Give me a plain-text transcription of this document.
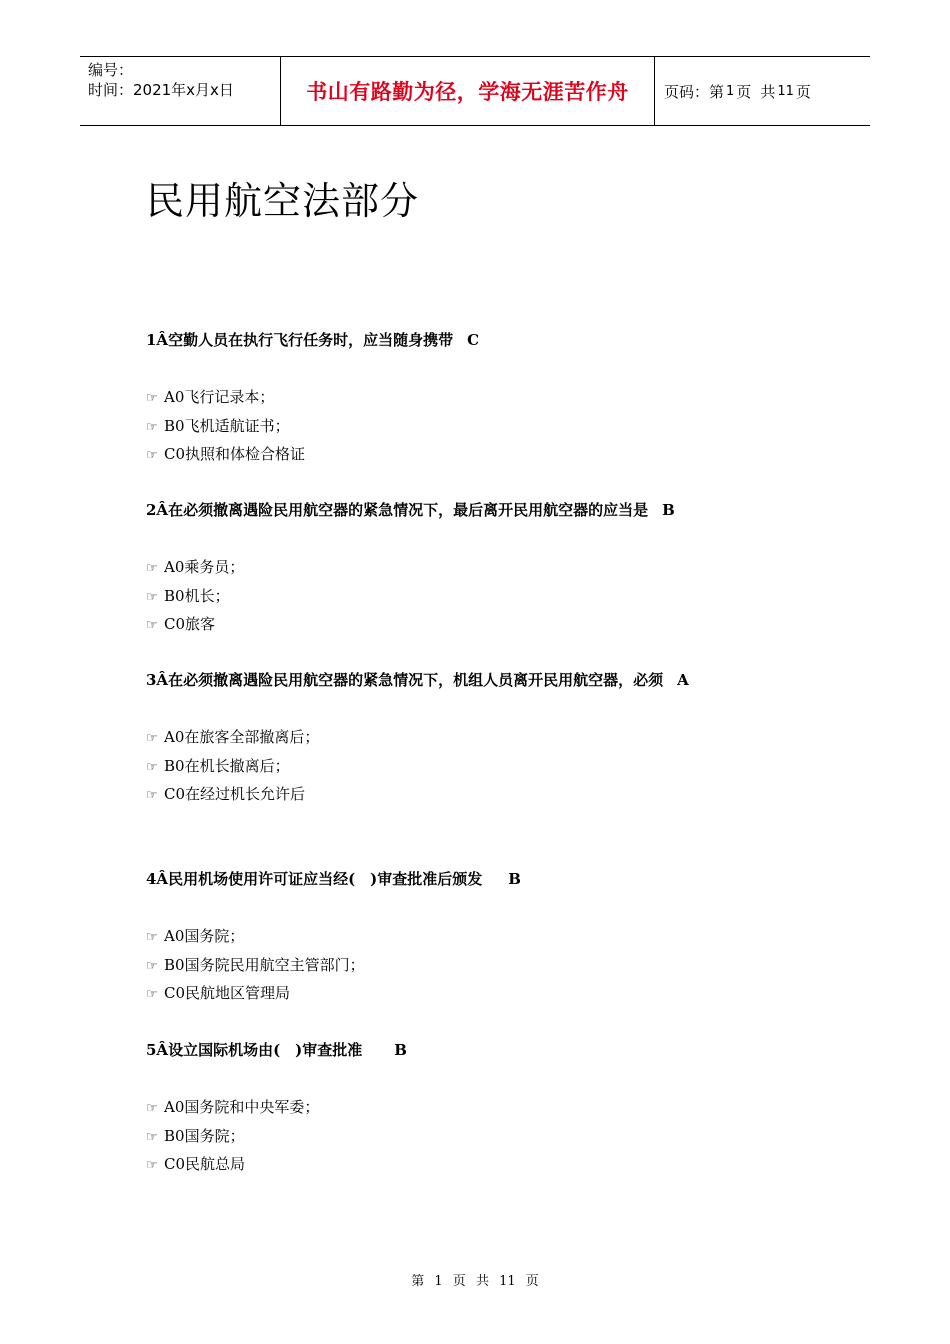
编号：
时间：2021年x月x日	书山有路勤为径，学海无涯苦作舟	页码：第 1 页 共 11 页
民用航空法部分
1Â空勤人员在执行飞行任务时，应当随身携带 C
☞ A0飞行记录本；
☞ B0飞机适航证书；
☞ C0执照和体检合格证
2Â在必须撤离遇险民用航空器的紧急情况下，最后离开民用航空器的应当是 B
☞ A0乘务员；
☞ B0机长；
☞ C0旅客
3Â在必须撤离遇险民用航空器的紧急情况下，机组人员离开民用航空器，必须 A
☞ A0在旅客全部撤离后；
☞ B0在机长撤离后；
☞ C0在经过机长允许后
4Â民用机场使用许可证应当经(　)审查批准后颁发 B
☞ A0国务院；
☞ B0国务院民用航空主管部门；
☞ C0民航地区管理局
5Â设立国际机场由(　)审查批准 B
☞ A0国务院和中央军委；
☞ B0国务院；
☞ C0民航总局
第 1 页 共 11 页
